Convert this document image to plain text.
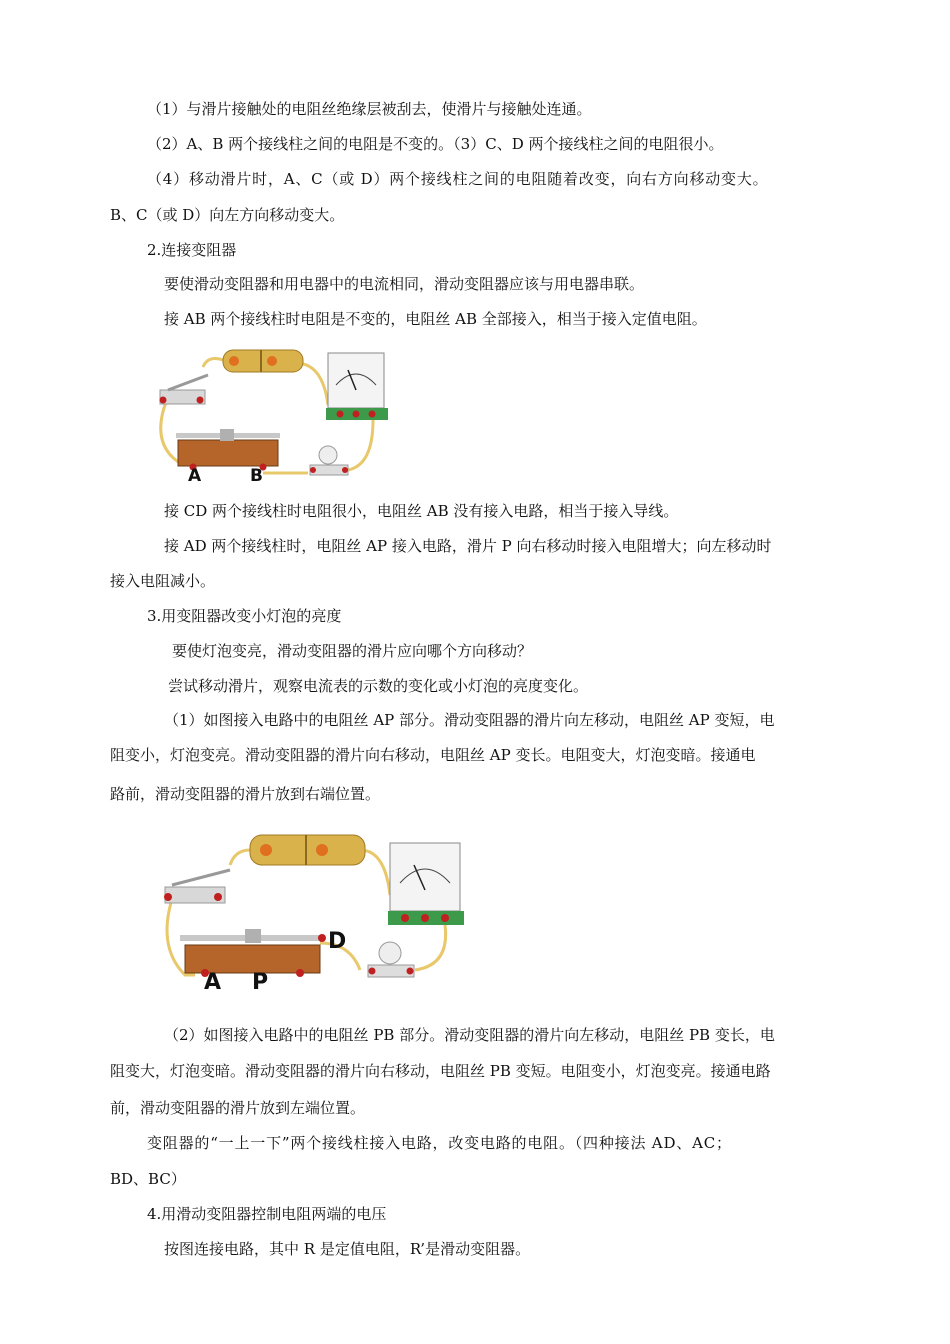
（1）与滑片接触处的电阻丝绝缘层被刮去，使滑片与接触处连通。
（2）A、B 两个接线柱之间的电阻是不变的。（3）C、D 两个接线柱之间的电阻很小。
（4）移动滑片时，A、C（或 D）两个接线柱之间的电阻随着改变，向右方向移动变大。
B、C（或 D）向左方向移动变大。
2.连接变阻器
要使滑动变阻器和用电器中的电流相同，滑动变阻器应该与用电器串联。
接 AB 两个接线柱时电阻是不变的，电阻丝 AB 全部接入，相当于接入定值电阻。
A	B
接 CD 两个接线柱时电阻很小，电阻丝 AB 没有接入电路，相当于接入导线。
接 AD 两个接线柱时，电阻丝 AP 接入电路，滑片 P 向右移动时接入电阻增大；向左移动时
接入电阻减小。
3.用变阻器改变小灯泡的亮度
要使灯泡变亮，滑动变阻器的滑片应向哪个方向移动？
尝试移动滑片，观察电流表的示数的变化或小灯泡的亮度变化。
（1）如图接入电路中的电阻丝 AP 部分。滑动变阻器的滑片向左移动，电阻丝 AP 变短，电
阻变小，灯泡变亮。滑动变阻器的滑片向右移动，电阻丝 AP 变长。电阻变大，灯泡变暗。接通电
路前，滑动变阻器的滑片放到右端位置。
A P
D
（2）如图接入电路中的电阻丝 PB 部分。滑动变阻器的滑片向左移动，电阻丝 PB 变长，电
阻变大，灯泡变暗。滑动变阻器的滑片向右移动，电阻丝 PB 变短。电阻变小，灯泡变亮。接通电路
前，滑动变阻器的滑片放到左端位置。
变阻器的“一上一下”两个接线柱接入电路，改变电路的电阻。（四种接法 AD、AC；
BD、BC）
4.用滑动变阻器控制电阻两端的电压
按图连接电路，其中 R 是定值电阻，R’是滑动变阻器。
